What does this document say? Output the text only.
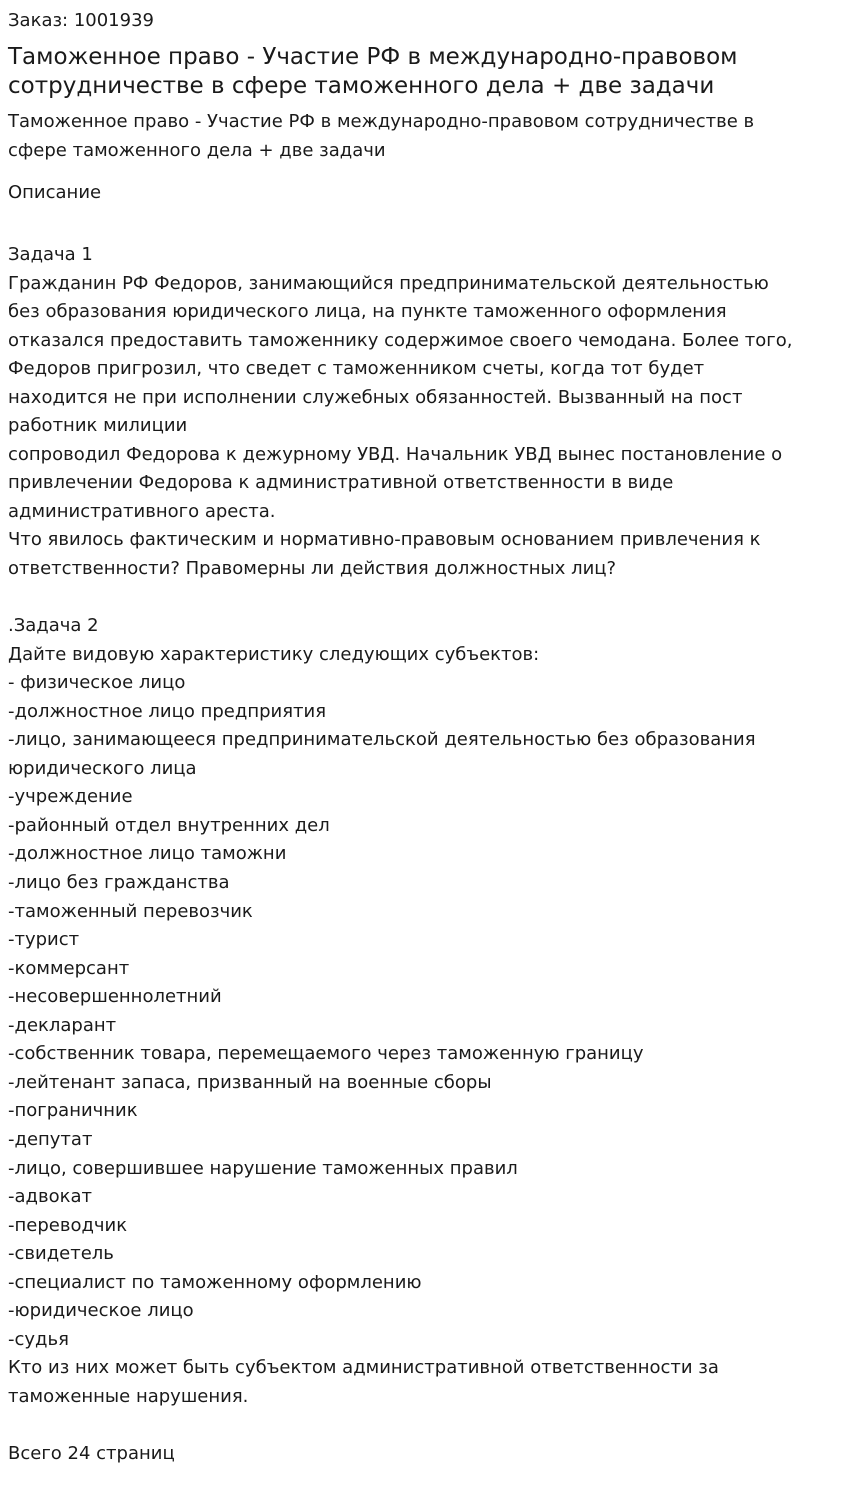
Заказ: 1001939

Таможенное право - Участие РФ в международно-правовом
сотрудничестве в сфере таможенного дела + две задачи

Таможенное право - Участие РФ в международно-правовом сотрудничестве в
сфере таможенного дела + две задачи

Описание

Задача 1
Гражданин РФ Федоров, занимающийся предпринимательской деятельностью
без образования юридического лица, на пункте таможенного оформления
отказался предоставить таможеннику содержимое своего чемодана. Более того,
Федоров пригрозил, что сведет с таможенником счеты, когда тот будет
находится не при исполнении служебных обязанностей. Вызванный на пост
работник милиции
сопроводил Федорова к дежурному УВД. Начальник УВД вынес постановление о
привлечении Федорова к административной ответственности в виде
административного ареста.
Что явилось фактическим и нормативно-правовым основанием привлечения к
ответственности? Правомерны ли действия должностных лиц?
.Задача 2
Дайте видовую характеристику следующих субъектов:
- физическое лицо
-должностное лицо предприятия
-лицо, занимающееся предпринимательской деятельностью без образования
юридического лица
-учреждение
-районный отдел внутренних дел
-должностное лицо таможни
-лицо без гражданства
-таможенный перевозчик
-турист
-коммерсант
-несовершеннолетний
-декларант
-собственник товара, перемещаемого через таможенную границу
-лейтенант запаса, призванный на военные сборы
-пограничник
-депутат
-лицо, совершившее нарушение таможенных правил
-адвокат
-переводчик
-свидетель
-специалист по таможенному оформлению
-юридическое лицо
-судья
Кто из них может быть субъектом административной ответственности за
таможенные нарушения.
Всего 24 страниц
